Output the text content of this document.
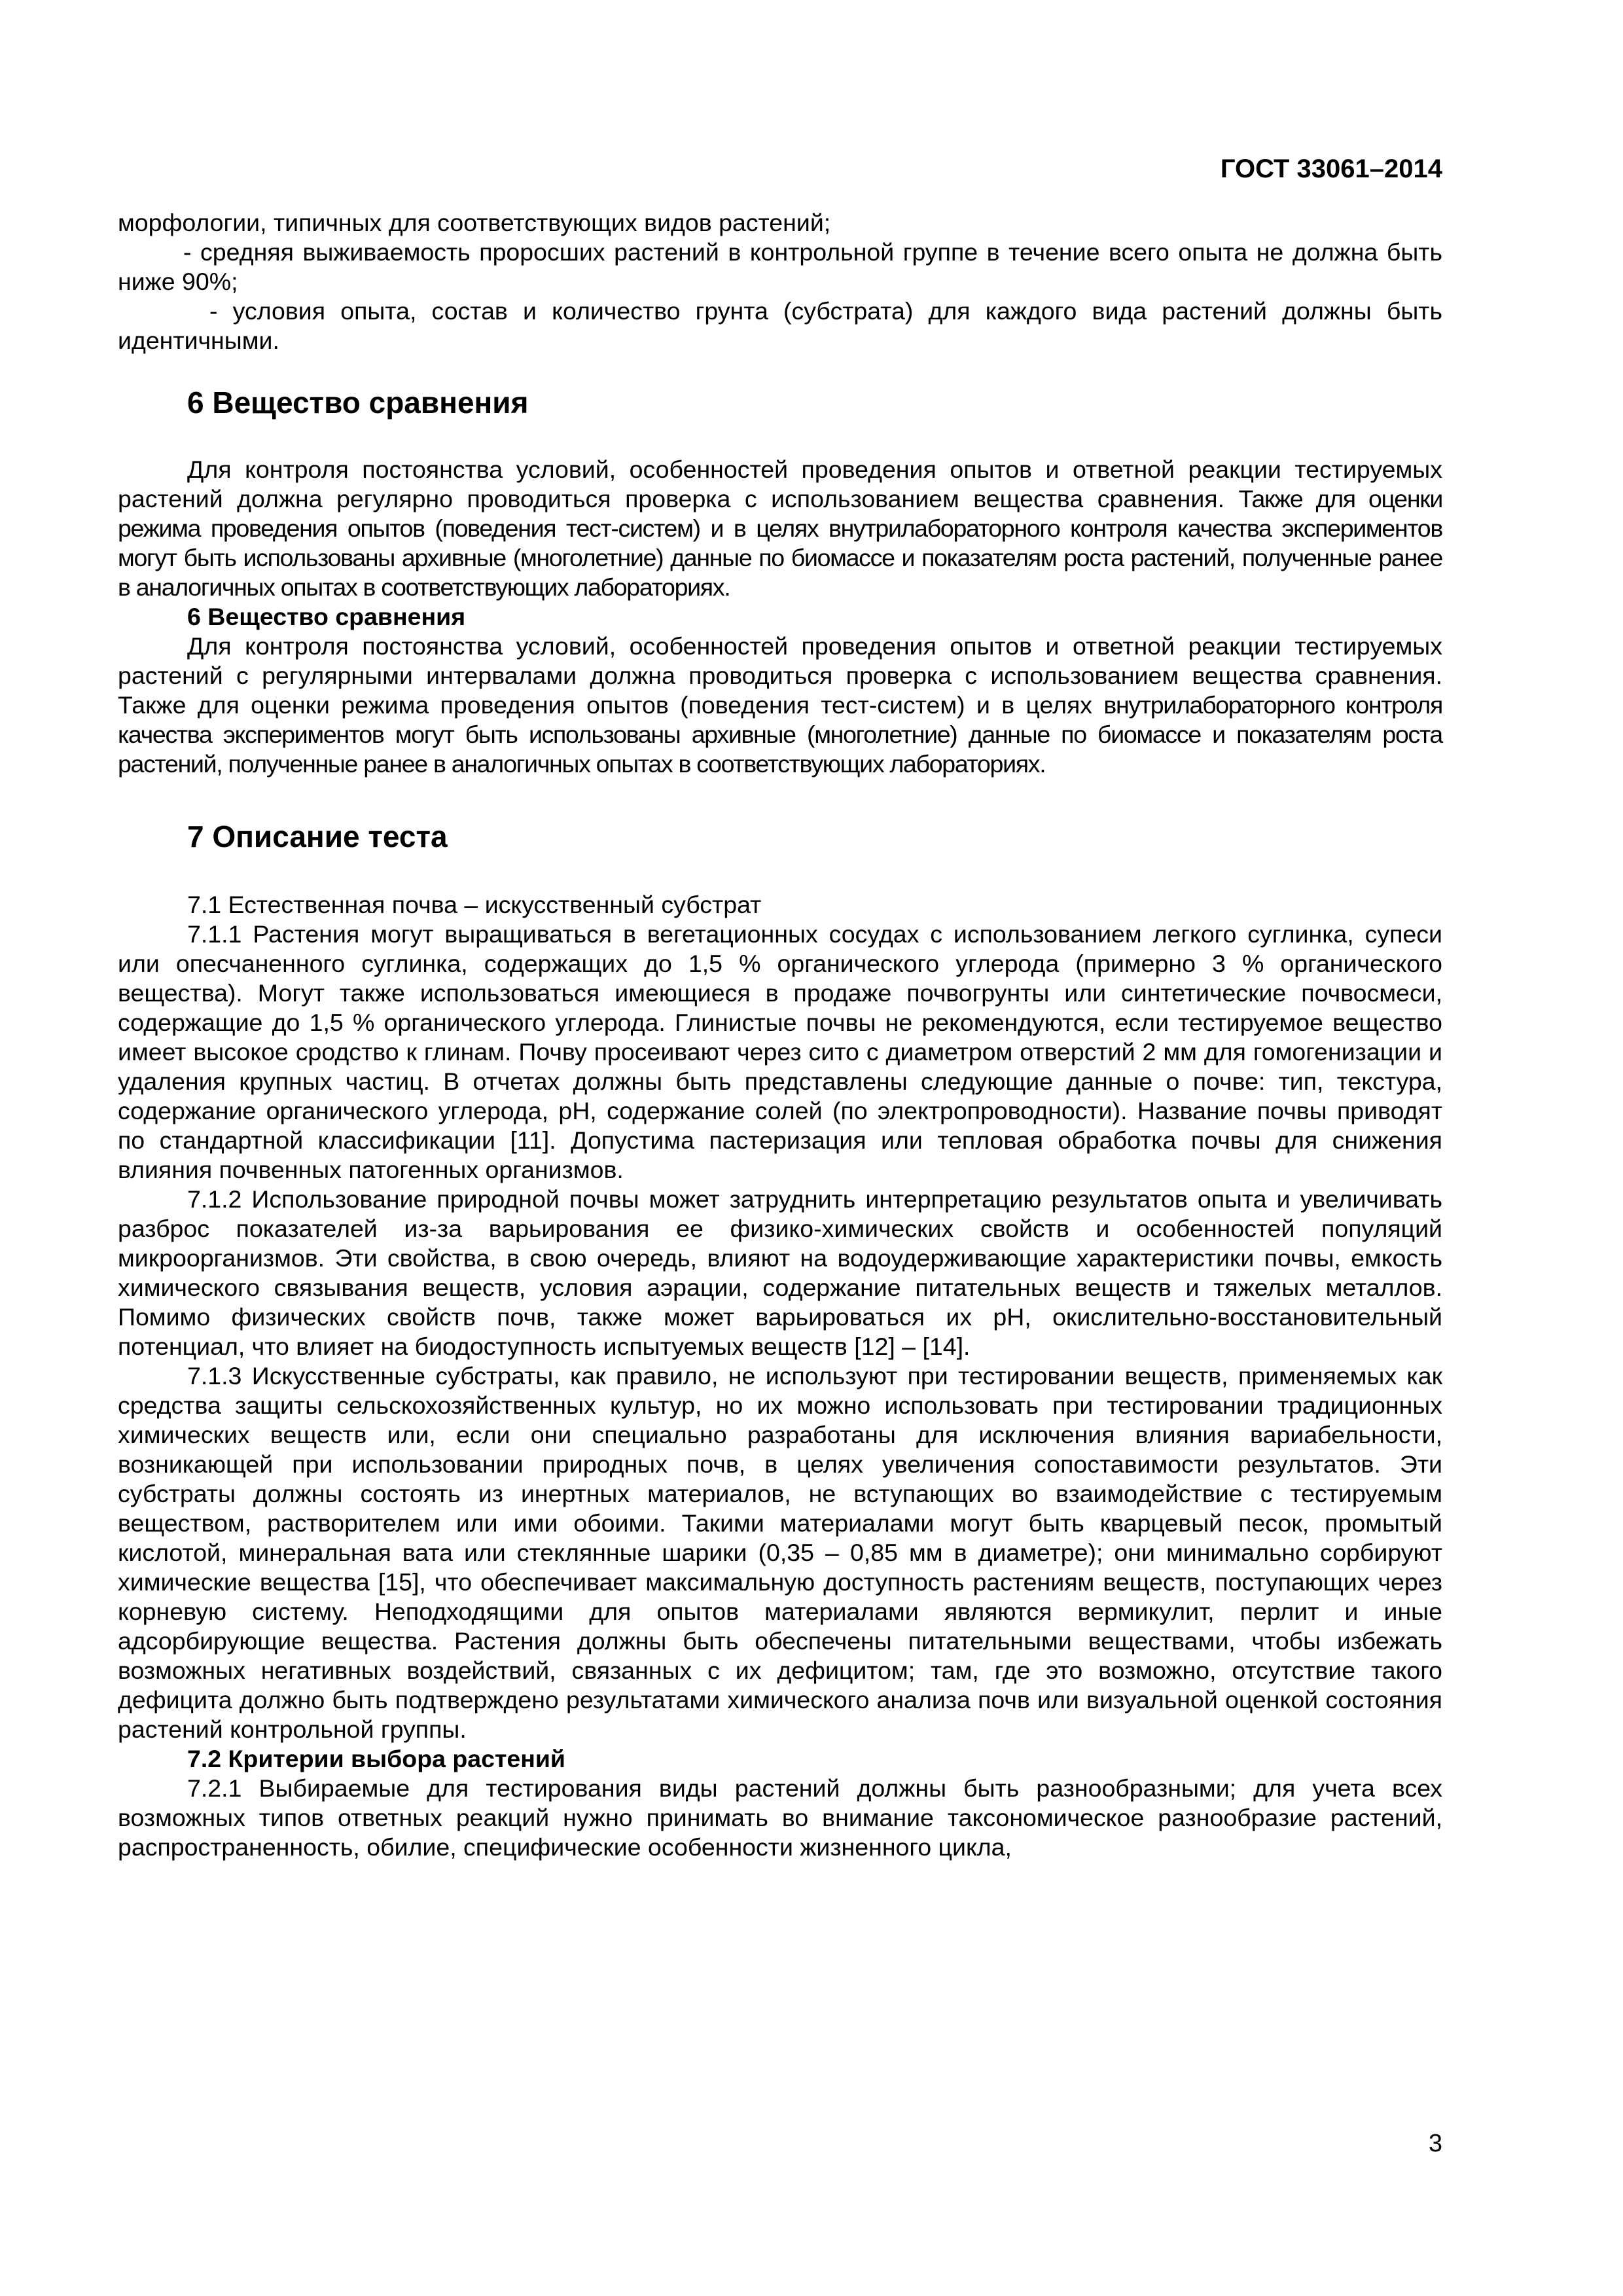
ГОСТ 33061–2014

морфологии, типичных для соответствующих видов растений;

- средняя выживаемость проросших растений в контрольной группе в течение всего опыта не должна быть ниже 90%;

- условия опыта, состав и количество грунта (субстрата) для каждого вида растений должны быть идентичными.

6 Вещество сравнения

Для контроля постоянства условий, особенностей проведения опытов и ответной реакции тестируемых растений должна регулярно проводиться проверка с использованием вещества сравнения. Также для оценки режима проведения опытов (поведения тест-систем) и в целях внутрилабораторного контроля качества экспериментов могут быть использованы архивные (многолетние) данные по биомассе и показателям роста растений, полученные ранее в аналогичных опытах в соответствующих лабораториях.

6 Вещество сравнения

Для контроля постоянства условий, особенностей проведения опытов и ответной реакции тестируемых растений с регулярными интервалами должна проводиться проверка с использованием вещества сравнения. Также для оценки режима проведения опытов (поведения тест-систем) и в целях внутрилабораторного контроля качества экспериментов могут быть использованы архивные (многолетние) данные по биомассе и показателям роста растений, полученные ранее в аналогичных опытах в соответствующих лабораториях.

7 Описание теста

7.1 Естественная почва – искусственный субстрат

7.1.1 Растения могут выращиваться в вегетационных сосудах с использованием легкого суглинка, супеси или опесчаненного суглинка, содержащих до 1,5 % органического углерода (примерно 3 % органического вещества). Могут также использоваться имеющиеся в продаже почвогрунты или синтетические почвосмеси, содержащие до 1,5 % органического углерода. Глинистые почвы не рекомендуются, если тестируемое вещество имеет высокое сродство к глинам. Почву просеивают через сито с диаметром отверстий 2 мм для гомогенизации и удаления крупных частиц. В отчетах должны быть представлены следующие данные о почве: тип, текстура, содержание органического углерода, рН, содержание солей (по электропроводности). Название почвы приводят по стандартной классификации [11]. Допустима пастеризация или тепловая обработка почвы для снижения влияния почвенных патогенных организмов.

7.1.2 Использование природной почвы может затруднить интерпретацию результатов опыта и увеличивать разброс показателей из-за варьирования ее физико-химических свойств и особенностей популяций микроорганизмов. Эти свойства, в свою очередь, влияют на водоудерживающие характеристики почвы, емкость химического связывания веществ, условия аэрации, содержание питательных веществ и тяжелых металлов. Помимо физических свойств почв, также может варьироваться их рН, окислительно-восстановительный потенциал, что влияет на биодоступность испытуемых веществ [12] – [14].

7.1.3 Искусственные субстраты, как правило, не используют при тестировании веществ, применяемых как средства защиты сельскохозяйственных культур, но их можно использовать при тестировании традиционных химических веществ или, если они специально разработаны для исключения влияния вариабельности, возникающей при использовании природных почв, в целях увеличения сопоставимости результатов. Эти субстраты должны состоять из инертных материалов, не вступающих во взаимодействие с тестируемым веществом, растворителем или ими обоими. Такими материалами могут быть кварцевый песок, промытый кислотой, минеральная вата или стеклянные шарики (0,35 – 0,85 мм в диаметре); они минимально сорбируют химические вещества [15], что обеспечивает максимальную доступность растениям веществ, поступающих через корневую систему. Неподходящими для опытов материалами являются вермикулит, перлит и иные адсорбирующие вещества. Растения должны быть обеспечены питательными веществами, чтобы избежать возможных негативных воздействий, связанных с их дефицитом; там, где это возможно, отсутствие такого дефицита должно быть подтверждено результатами химического анализа почв или визуальной оценкой состояния растений контрольной группы.

7.2 Критерии выбора растений

7.2.1 Выбираемые для тестирования виды растений должны быть разнообразными; для учета всех возможных типов ответных реакций нужно принимать во внимание таксономическое разнообразие растений, распространенность, обилие, специфические особенности жизненного цикла,

3
